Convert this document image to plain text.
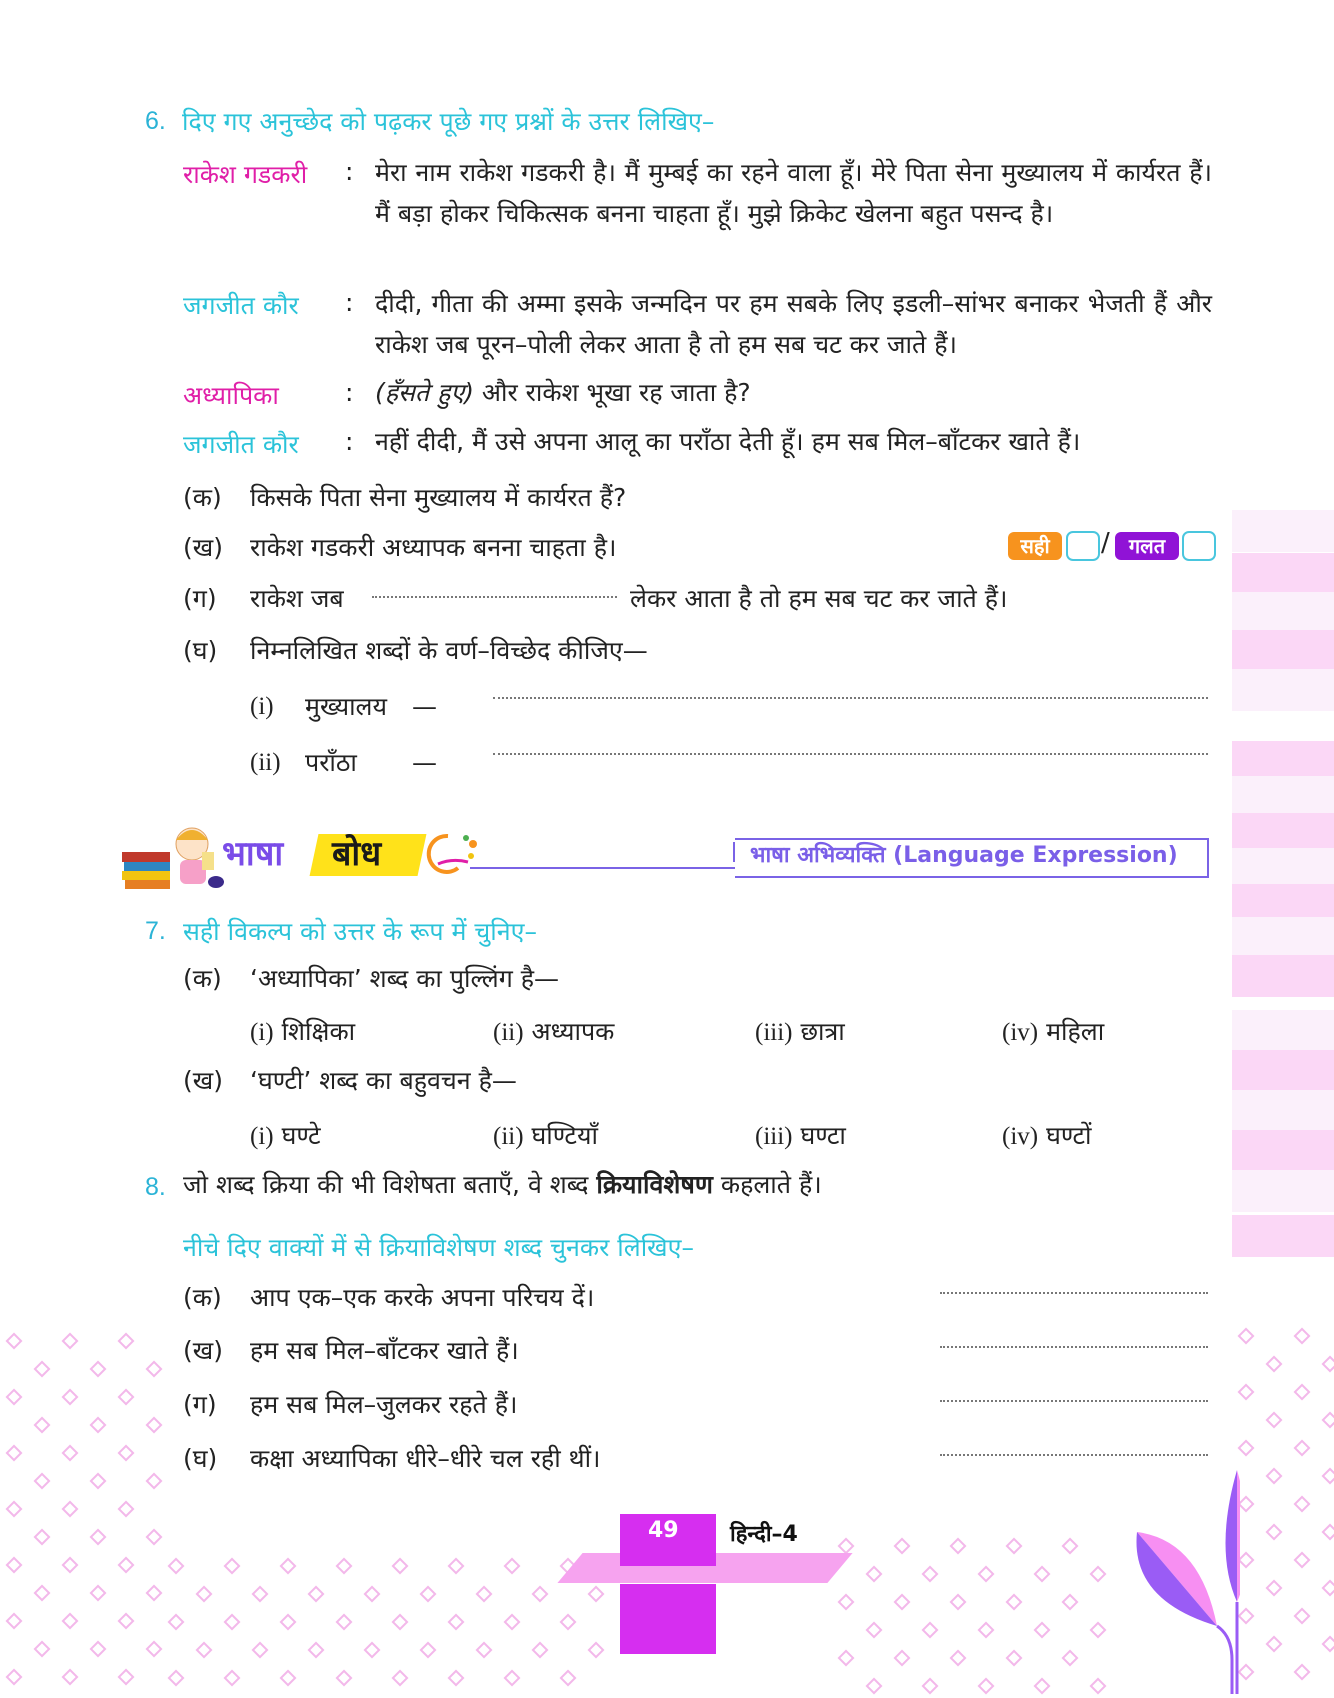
6. दिए गए अनुच्छेद को पढ़कर पूछे गए प्रश्नों के उत्तर लिखिए–
राकेश गडकरी : मेरा नाम राकेश गडकरी है। मैं मुम्बई का रहने वाला हूँ। मेरे पिता सेना मुख्यालय में कार्यरत हैं। मैं बड़ा होकर चिकित्सक बनना चाहता हूँ। मुझे क्रिकेट खेलना बहुत पसन्द है।
जगजीत कौर : दीदी, गीता की अम्मा इसके जन्मदिन पर हम सबके लिए इडली–सांभर बनाकर भेजती हैं और राकेश जब पूरन–पोली लेकर आता है तो हम सब चट कर जाते हैं।
अध्यापिका	: (हँसते हुए) और राकेश भूखा रह जाता है?
जगजीत कौर : नहीं दीदी, मैं उसे अपना आलू का पराँठा देती हूँ। हम सब मिल–बाँटकर खाते हैं।
(क) किसके पिता सेना मुख्यालय में कार्यरत हैं?
(ख) राकेश गडकरी अध्यापक बनना चाहता है।	सही	/ गलत
(ग) राकेश जब	लेकर आता है तो हम सब चट कर जाते हैं।
(घ) निम्नलिखित शब्दों के वर्ण–विच्छेद कीजिए—
(i) मुख्यालय —
(ii) पराँठा —
भाषा बोध	भाषा अभिव्यक्ति (Language Expression)
7. सही विकल्प को उत्तर के रूप में चुनिए–
(क) ‘अध्यापिका’ शब्द का पुल्लिंग है—
(i) शिक्षिका	(ii) अध्यापक	(iii) छात्रा	(iv) महिला
(ख) ‘घण्टी’ शब्द का बहुवचन है—
(i) घण्टे	(ii) घण्टियाँ	(iii) घण्टा	(iv) घण्टों
8. जो शब्द क्रिया की भी विशेषता बताएँ, वे शब्द क्रियाविशेषण कहलाते हैं।
नीचे दिए वाक्यों में से क्रियाविशेषण शब्द चुनकर लिखिए–
(क) आप एक–एक करके अपना परिचय दें।
(ख) हम सब मिल–बाँटकर खाते हैं।
(ग) हम सब मिल–जुलकर रहते हैं।
(घ) कक्षा अध्यापिका धीरे–धीरे चल रही थीं।
49 हिन्दी–4
